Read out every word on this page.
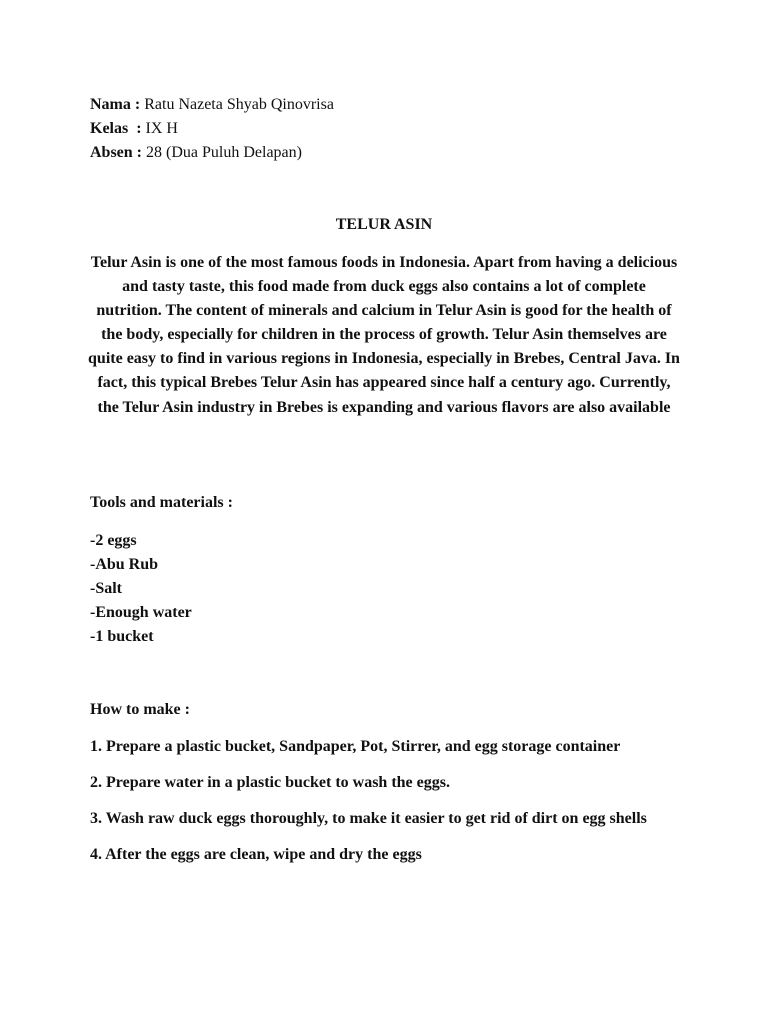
Nama : Ratu Nazeta Shyab Qinovrisa
Kelas  : IX H
Absen : 28 (Dua Puluh Delapan)
TELUR ASIN
Telur Asin is one of the most famous foods in Indonesia. Apart from having a delicious and tasty taste, this food made from duck eggs also contains a lot of complete nutrition. The content of minerals and calcium in Telur Asin is good for the health of the body, especially for children in the process of growth. Telur Asin themselves are quite easy to find in various regions in Indonesia, especially in Brebes, Central Java. In fact, this typical Brebes Telur Asin has appeared since half a century ago. Currently, the Telur Asin industry in Brebes is expanding and various flavors are also available
Tools and materials :
-2 eggs
-Abu Rub
-Salt
-Enough water
-1 bucket
How to make :
1. Prepare a plastic bucket, Sandpaper, Pot, Stirrer, and egg storage container
2. Prepare water in a plastic bucket to wash the eggs.
3. Wash raw duck eggs thoroughly, to make it easier to get rid of dirt on egg shells
4. After the eggs are clean, wipe and dry the eggs
